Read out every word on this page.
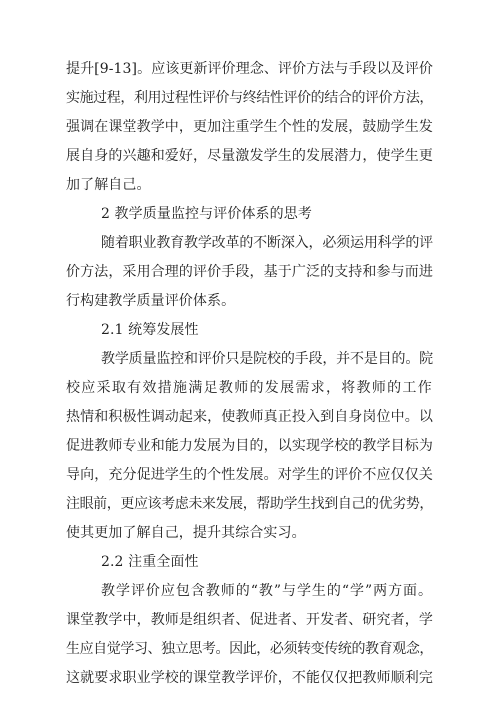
提升[9-13]。应该更新评价理念、评价方法与手段以及评价
实施过程，利用过程性评价与终结性评价的结合的评价方法，
强调在课堂教学中，更加注重学生个性的发展，鼓励学生发
展自身的兴趣和爱好，尽量激发学生的发展潜力，使学生更
加了解自己。
2 教学质量监控与评价体系的思考
随着职业教育教学改革的不断深入，必须运用科学的评
价方法，采用合理的评价手段，基于广泛的支持和参与而进
行构建教学质量评价体系。
2.1 统筹发展性
教学质量监控和评价只是院校的手段，并不是目的。院
校应采取有效措施满足教师的发展需求，将教师的工作
热情和积极性调动起来，使教师真正投入到自身岗位中。以
促进教师专业和能力发展为目的，以实现学校的教学目标为
导向，充分促进学生的个性发展。对学生的评价不应仅仅关
注眼前，更应该考虑未来发展，帮助学生找到自己的优劣势，
使其更加了解自己，提升其综合实习。
2.2 注重全面性
教学评价应包含教师的“教”与学生的“学”两方面。
课堂教学中，教师是组织者、促进者、开发者、研究者，学
生应自觉学习、独立思考。因此，必须转变传统的教育观念，
这就要求职业学校的课堂教学评价，不能仅仅把教师顺利完
